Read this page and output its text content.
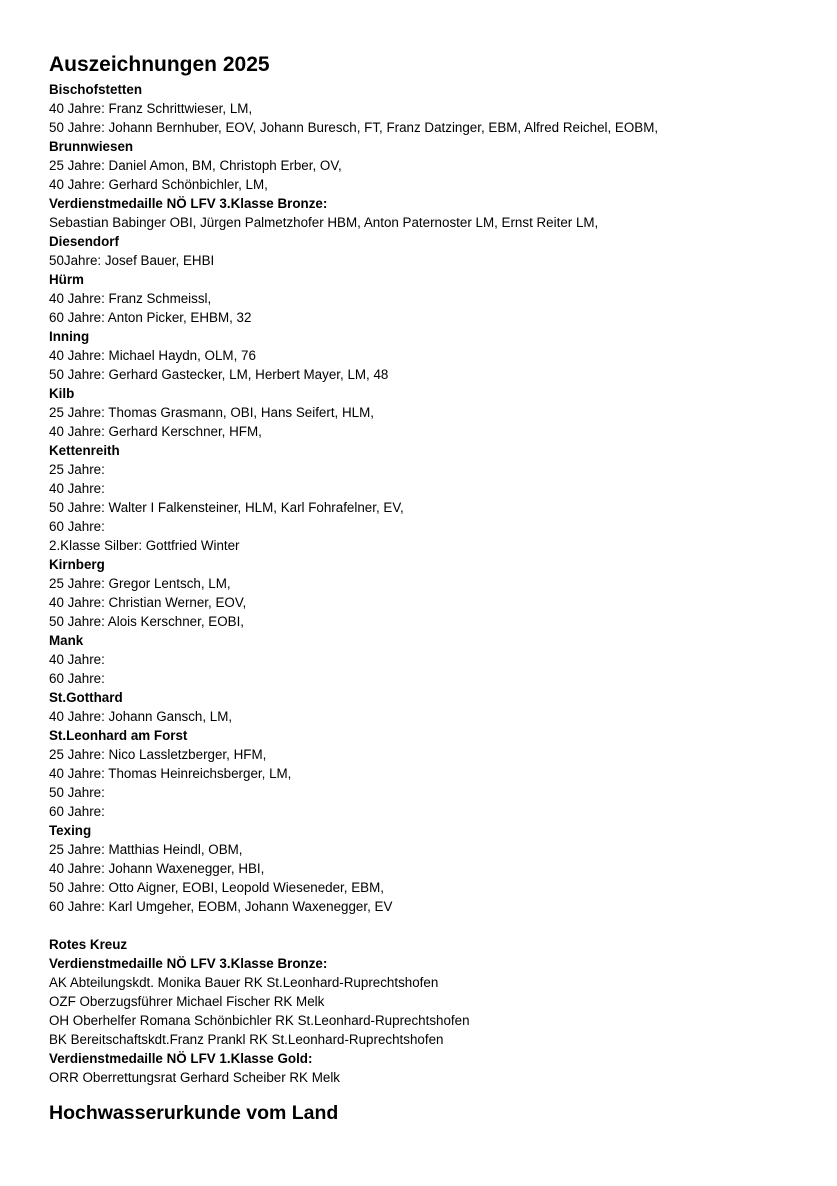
Auszeichnungen 2025
Bischofstetten
40 Jahre: Franz Schrittwieser, LM,
50 Jahre: Johann Bernhuber, EOV, Johann Buresch, FT, Franz Datzinger, EBM, Alfred Reichel, EOBM,
Brunnwiesen
25 Jahre: Daniel Amon, BM, Christoph Erber, OV,
40 Jahre: Gerhard Schönbichler, LM,
Verdienstmedaille NÖ LFV 3.Klasse Bronze:
Sebastian Babinger OBI, Jürgen Palmetzhofer HBM, Anton Paternoster LM, Ernst Reiter LM,
Diesendorf
50Jahre: Josef Bauer, EHBI
Hürm
40 Jahre: Franz Schmeissl,
60 Jahre: Anton Picker, EHBM, 32
Inning
40 Jahre: Michael Haydn, OLM, 76
50 Jahre: Gerhard Gastecker, LM, Herbert Mayer, LM, 48
Kilb
25 Jahre: Thomas Grasmann, OBI, Hans Seifert, HLM,
40 Jahre: Gerhard Kerschner, HFM,
Kettenreith
25 Jahre:
40 Jahre:
50 Jahre: Walter I Falkensteiner, HLM, Karl Fohrafelner, EV,
60 Jahre:
2.Klasse Silber: Gottfried Winter
Kirnberg
25 Jahre: Gregor Lentsch, LM,
40 Jahre: Christian Werner, EOV,
50 Jahre: Alois Kerschner, EOBI,
Mank
40 Jahre:
60 Jahre:
St.Gotthard
40 Jahre: Johann Gansch, LM,
St.Leonhard am Forst
25 Jahre: Nico Lassletzberger, HFM,
40 Jahre: Thomas Heinreichsberger, LM,
50 Jahre:
60 Jahre:
Texing
25 Jahre: Matthias Heindl, OBM,
40 Jahre: Johann Waxenegger, HBI,
50 Jahre: Otto Aigner, EOBI, Leopold Wieseneder, EBM,
60 Jahre: Karl Umgeher, EOBM, Johann Waxenegger, EV
Rotes Kreuz
Verdienstmedaille NÖ LFV 3.Klasse Bronze:
AK Abteilungskdt. Monika Bauer RK St.Leonhard-Ruprechtshofen
OZF Oberzugsführer Michael Fischer RK Melk
OH Oberhelfer Romana Schönbichler RK St.Leonhard-Ruprechtshofen
BK Bereitschaftskdt.Franz Prankl RK St.Leonhard-Ruprechtshofen
Verdienstmedaille NÖ LFV 1.Klasse Gold:
ORR Oberrettungsrat Gerhard Scheiber RK Melk
Hochwasserurkunde vom Land
